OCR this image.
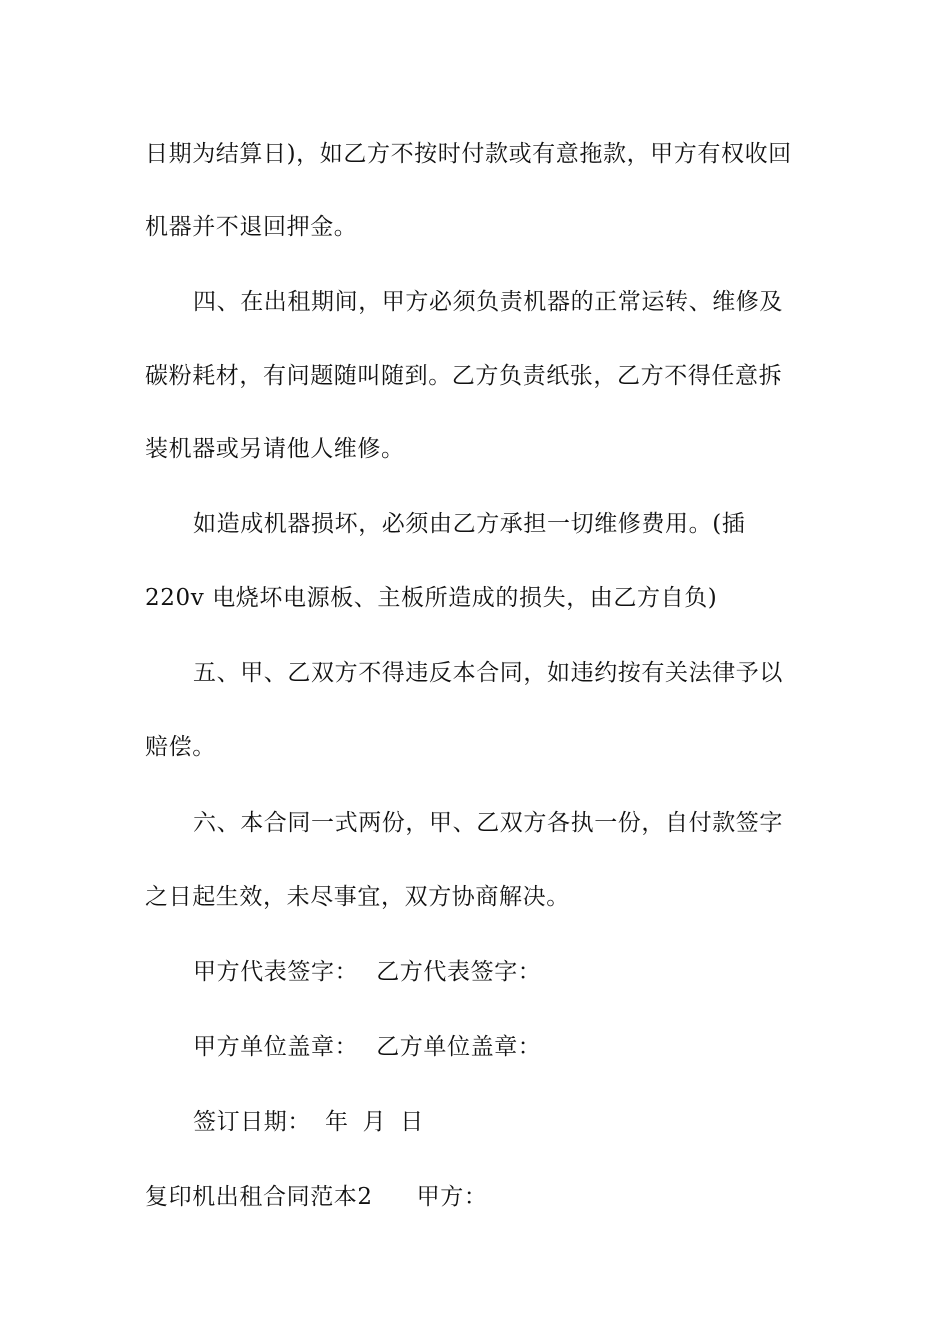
日期为结算日)，如乙方不按时付款或有意拖款，甲方有权收回
机器并不退回押金。
四、在出租期间，甲方必须负责机器的正常运转、维修及
碳粉耗材，有问题随叫随到。乙方负责纸张，乙方不得任意拆
装机器或另请他人维修。
如造成机器损坏，必须由乙方承担一切维修费用。(插
220v 电烧坏电源板、主板所造成的损失，由乙方自负)
五、甲、乙双方不得违反本合同，如违约按有关法律予以
赔偿。
六、本合同一式两份，甲、乙双方各执一份，自付款签字
之日起生效，未尽事宜，双方协商解决。
甲方代表签字： 乙方代表签字：
甲方单位盖章： 乙方单位盖章：
签订日期： 年 月 日
复印机出租合同范本2 甲方：
